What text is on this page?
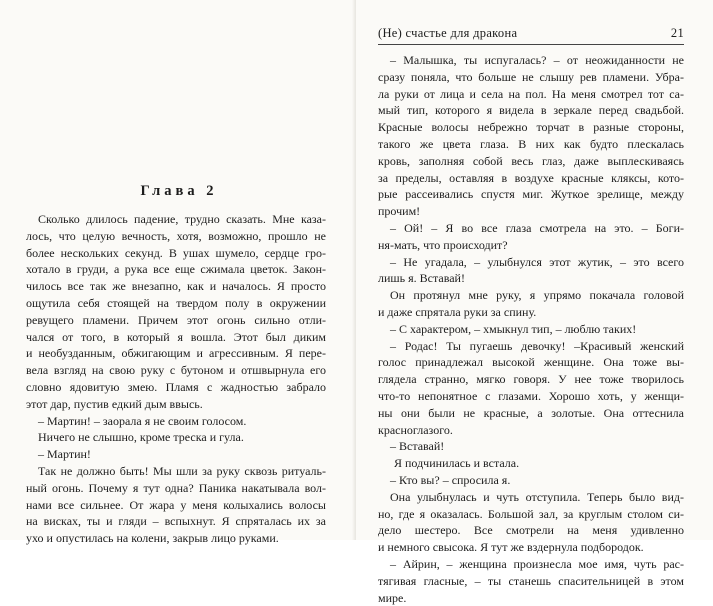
Глава 2
Сколько длилось падение, трудно сказать. Мне каза-
лось, что целую вечность, хотя, возможно, прошло не
более нескольких секунд. В ушах шумело, сердце гро-
хотало в груди, а рука все еще сжимала цветок. Закон-
чилось все так же внезапно, как и началось. Я просто
ощутила себя стоящей на твердом полу в окружении
ревущего пламени. Причем этот огонь сильно отли-
чался от того, в который я вошла. Этот был диким
и необузданным, обжигающим и агрессивным. Я пере-
вела взгляд на свою руку с бутоном и отшвырнула его
словно ядовитую змею. Пламя с жадностью забрало
этот дар, пустив едкий дым ввысь.
– Мартин! – заорала я не своим голосом.
Ничего не слышно, кроме треска и гула.
– Мартин!
Так не должно быть! Мы шли за руку сквозь ритуаль-
ный огонь. Почему я тут одна? Паника накатывала вол-
нами все сильнее. От жара у меня колыхались волосы
на висках, ты и гляди – вспыхнут. Я спряталась их за
ухо и опустилась на колени, закрыв лицо руками.
(Не) счастье для дракона	21
– Малышка, ты испугалась? – от неожиданности не
сразу поняла, что больше не слышу рев пламени. Убра-
ла руки от лица и села на пол. На меня смотрел тот са-
мый тип, которого я видела в зеркале перед свадьбой.
Красные волосы небрежно торчат в разные стороны,
такого же цвета глаза. В них как будто плескалась
кровь, заполняя собой весь глаз, даже выплескиваясь
за пределы, оставляя в воздухе красные кляксы, кото-
рые рассеивались спустя миг. Жуткое зрелище, между
прочим!
– Ой! – Я во все глаза смотрела на это. – Боги-
ня-мать, что происходит?
– Не угадала, – улыбнулся этот жутик, – это всего
лишь я. Вставай!
Он протянул мне руку, я упрямо покачала головой
и даже спрятала руки за спину.
– С характером, – хмыкнул тип, – люблю таких!
– Родас! Ты пугаешь девочку! –Красивый женский
голос принадлежал высокой женщине. Она тоже вы-
глядела странно, мягко говоря. У нее тоже творилось
что-то непонятное с глазами. Хорошо хоть, у женщи-
ны они были не красные, а золотые. Она оттеснила
красноглазого.
– Вставай!
Я подчинилась и встала.
– Кто вы? – спросила я.
Она улыбнулась и чуть отступила. Теперь было вид-
но, где я оказалась. Большой зал, за круглым столом си-
дело шестеро. Все смотрели на меня удивленно
и немного свысока. Я тут же вздернула подбородок.
– Айрин, – женщина произнесла мое имя, чуть рас-
тягивая гласные, – ты станешь спасительницей в этом
мире.
